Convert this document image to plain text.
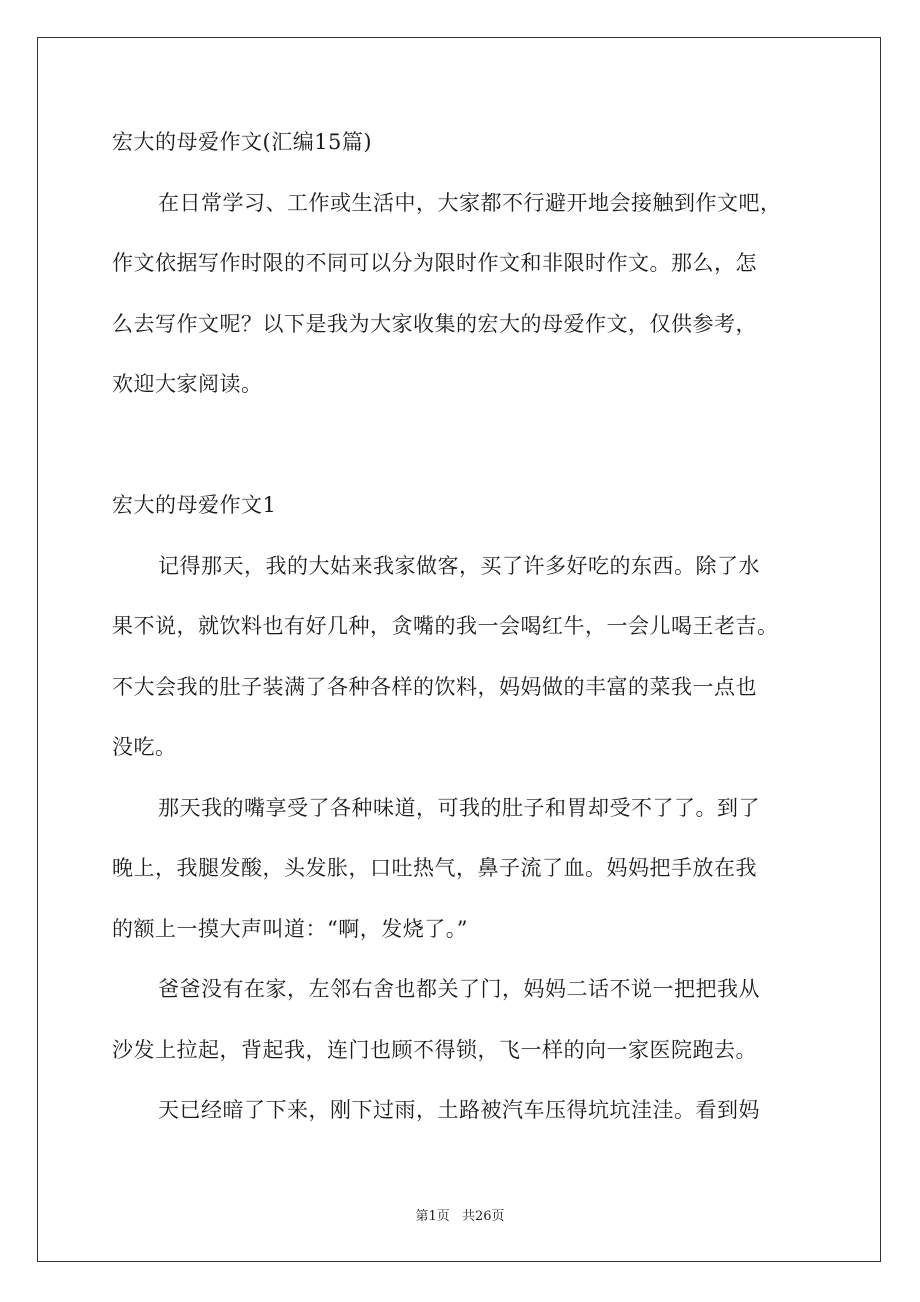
宏大的母爱作文(汇编15篇)
在日常学习、工作或生活中，大家都不行避开地会接触到作文吧，
作文依据写作时限的不同可以分为限时作文和非限时作文。那么，怎
么去写作文呢？以下是我为大家收集的宏大的母爱作文，仅供参考，
欢迎大家阅读。
宏大的母爱作文1
记得那天，我的大姑来我家做客，买了许多好吃的东西。除了水
果不说，就饮料也有好几种，贪嘴的我一会喝红牛，一会儿喝王老吉。
不大会我的肚子装满了各种各样的饮料，妈妈做的丰富的菜我一点也
没吃。
那天我的嘴享受了各种味道，可我的肚子和胃却受不了了。到了
晚上，我腿发酸，头发胀，口吐热气，鼻子流了血。妈妈把手放在我
的额上一摸大声叫道：“啊，发烧了。”
爸爸没有在家，左邻右舍也都关了门，妈妈二话不说一把把我从
沙发上拉起，背起我，连门也顾不得锁，飞一样的向一家医院跑去。
天已经暗了下来，刚下过雨，土路被汽车压得坑坑洼洼。看到妈
第1页 共26页
